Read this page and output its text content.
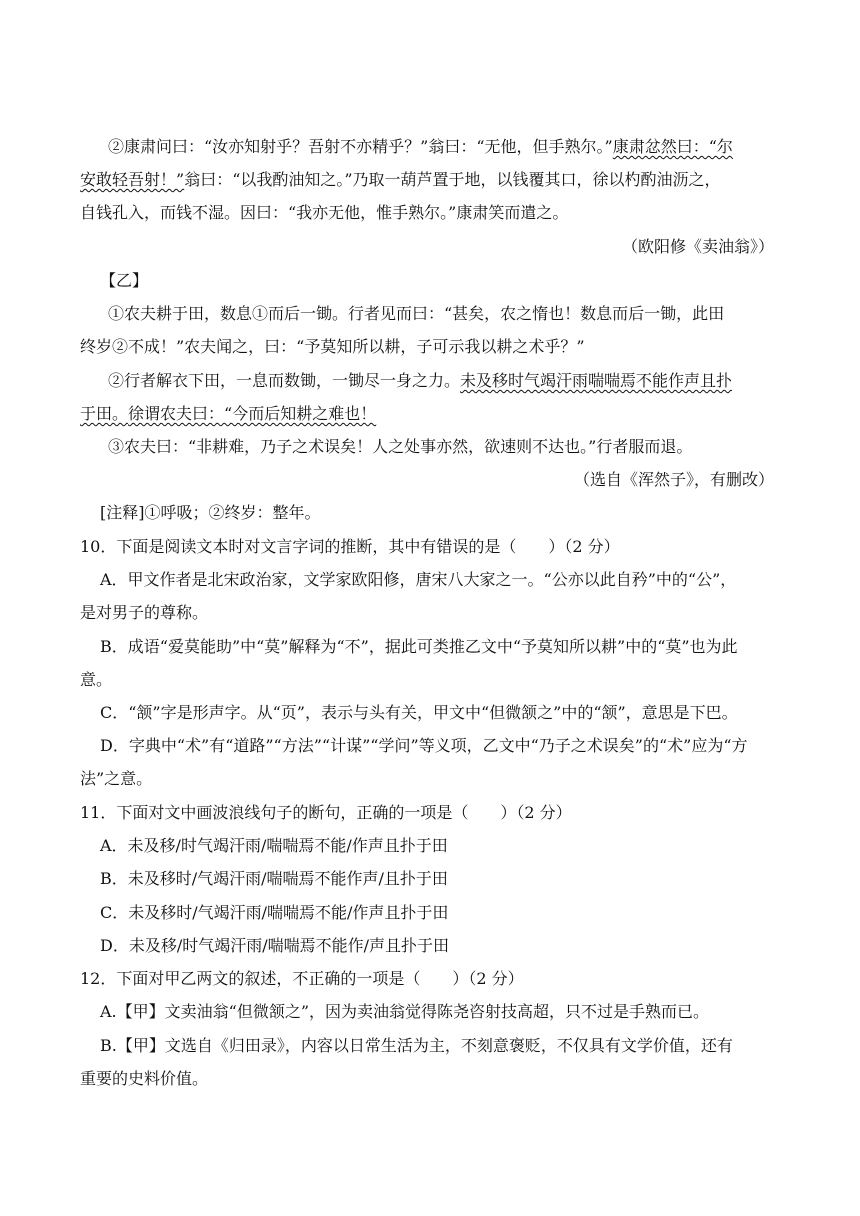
②康肃问曰：“汝亦知射乎？吾射不亦精乎？”翁曰：“无他，但手熟尔。”康肃忿然曰：“尔
安敢轻吾射！”翁曰：“以我酌油知之。”乃取一葫芦置于地，以钱覆其口，徐以杓酌油沥之，
自钱孔入，而钱不湿。因曰：“我亦无他，惟手熟尔。”康肃笑而遣之。
（欧阳修《卖油翁》）
【乙】
①农夫耕于田，数息①而后一锄。行者见而曰：“甚矣，农之惰也！数息而后一锄，此田
终岁②不成！”农夫闻之，曰：“予莫知所以耕，子可示我以耕之术乎？”
②行者解衣下田，一息而数锄，一锄尽一身之力。未及移时气竭汗雨喘喘焉不能作声且扑
于田。徐谓农夫曰：“今而后知耕之难也！
③农夫曰：“非耕难，乃子之术误矣！人之处事亦然，欲速则不达也。”行者服而退。
（选自《浑然子》，有删改）
[注释]①呼吸；②终岁：整年。
10．下面是阅读文本时对文言字词的推断，其中有错误的是（　　）（2 分）
A．甲文作者是北宋政治家，文学家欧阳修，唐宋八大家之一。“公亦以此自矜”中的“公”，
是对男子的尊称。
B．成语“爱莫能助”中“莫”解释为“不”，据此可类推乙文中“予莫知所以耕”中的“莫”也为此
意。
C．“颔”字是形声字。从“页”，表示与头有关，甲文中“但微颔之”中的“颔”，意思是下巴。
D．字典中“术”有“道路”“方法”“计谋”“学问”等义项，乙文中“乃子之术误矣”的“术”应为“方
法”之意。
11．下面对文中画波浪线句子的断句，正确的一项是（　　）（2 分）
A．未及移/时气竭汗雨/喘喘焉不能/作声且扑于田
B．未及移时/气竭汗雨/喘喘焉不能作声/且扑于田
C．未及移时/气竭汗雨/喘喘焉不能/作声且扑于田
D．未及移/时气竭汗雨/喘喘焉不能作/声且扑于田
12．下面对甲乙两文的叙述，不正确的一项是（　　）（2 分）
A.【甲】文卖油翁“但微颔之”，因为卖油翁觉得陈尧咨射技高超，只不过是手熟而已。
B.【甲】文选自《归田录》，内容以日常生活为主，不刻意褒贬，不仅具有文学价值，还有
重要的史料价值。
